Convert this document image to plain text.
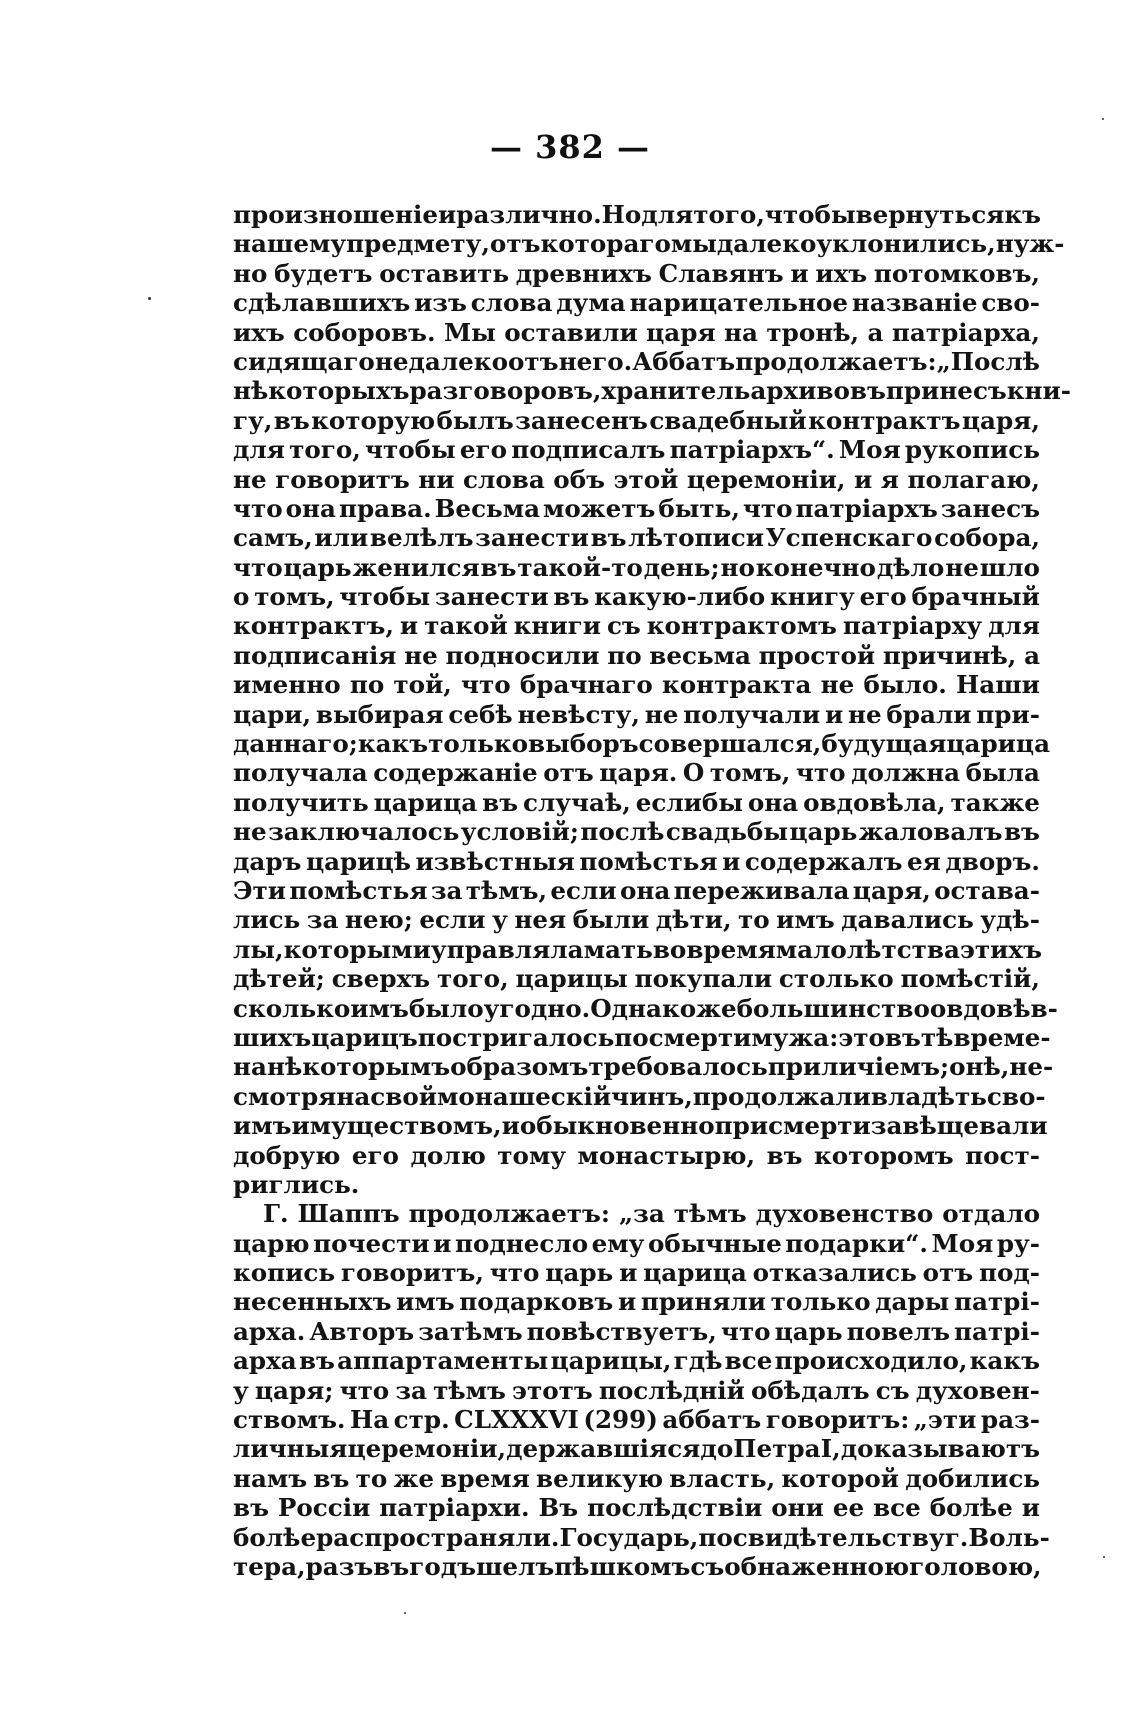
— 382 —
произношеніе и различно. Но для того, чтобы вернуться къ
нашему предмету, отъ котораго мы далеко уклонились, нуж-
но будетъ оставить древнихъ Славянъ и ихъ потомковъ,
сдѣлавшихъ изъ слова дума нарицательное названіе сво-
ихъ соборовъ. Мы оставили царя на тронѣ, а патріарха,
сидящаго недалеко отъ него. Аббатъ продолжаетъ: „Послѣ
нѣкоторыхъ разговоровъ, хранитель архивовъ принесъ кни-
гу, въ которую былъ занесенъ свадебный контрактъ царя,
для того, чтобы его подписалъ патріархъ“. Моя рукопись
не говоритъ ни слова объ этой церемоніи, и я полагаю,
что она права. Весьма можетъ быть, что патріархъ занесъ
самъ, или велѣлъ занести въ лѣтописи Успенскаго собора,
что царь женился въ такой-то день; но конечно дѣло не шло
о томъ, чтобы занести въ какую-либо книгу его брачный
контрактъ, и такой книги съ контрактомъ патріарху для
подписанія не подносили по весьма простой причинѣ, а
именно по той, что брачнаго контракта не было. Наши
цари, выбирая себѣ невѣсту, не получали и не брали при-
даннаго; какъ только выборъ совершался, будущая царица
получала содержаніе отъ царя. О томъ, что должна была
получить царица въ случаѣ, еслибы она овдовѣла, также
не заключалось условій; послѣ свадьбы царь жаловалъ въ
даръ царицѣ извѣстныя помѣстья и содержалъ ея дворъ.
Эти помѣстья за тѣмъ, если она переживала царя, остава-
лись за нею; если у нея были дѣти, то имъ давались удѣ-
лы, которыми управляла мать во время малолѣтства этихъ
дѣтей; сверхъ того, царицы покупали столько помѣстій,
сколько имъ было угодно. Однакоже большинство овдовѣв-
шихъ царицъ постригалось по смерти мужа: это въ тѣ време-
на нѣкоторымъ образомъ требовалось приличіемъ; онѣ, не-
смотря на свой монашескій чинъ, продолжали владѣть сво-
имъ имуществомъ, и обыкновенно при смерти завѣщевали
добрую его долю тому монастырю, въ которомъ пост-
риглись.
Г. Шаппъ продолжаетъ: „за тѣмъ духовенство отдало
царю почести и поднесло ему обычные подарки“. Моя ру-
копись говоритъ, что царь и царица отказались отъ под-
несенныхъ имъ подарковъ и приняли только дары патрі-
арха. Авторъ затѣмъ повѣствуетъ, что царь повелъ патрі-
арха въ аппартаменты царицы, гдѣ все происходило, какъ
у царя; что за тѣмъ этотъ послѣдній обѣдалъ съ духовен-
ствомъ. На стр. CLXXXVI (299) аббатъ говоритъ: „эти раз-
личныя церемоніи, державшіяся до Петра I, доказываютъ
намъ въ то же время великую власть, которой добились
въ Россіи патріархи. Въ послѣдствіи они ее все болѣе и
болѣе распространяли. Государь, по свидѣтельству г. Воль-
тера, разъ въ годъ шелъ пѣшкомъ съ обнаженною головою,
